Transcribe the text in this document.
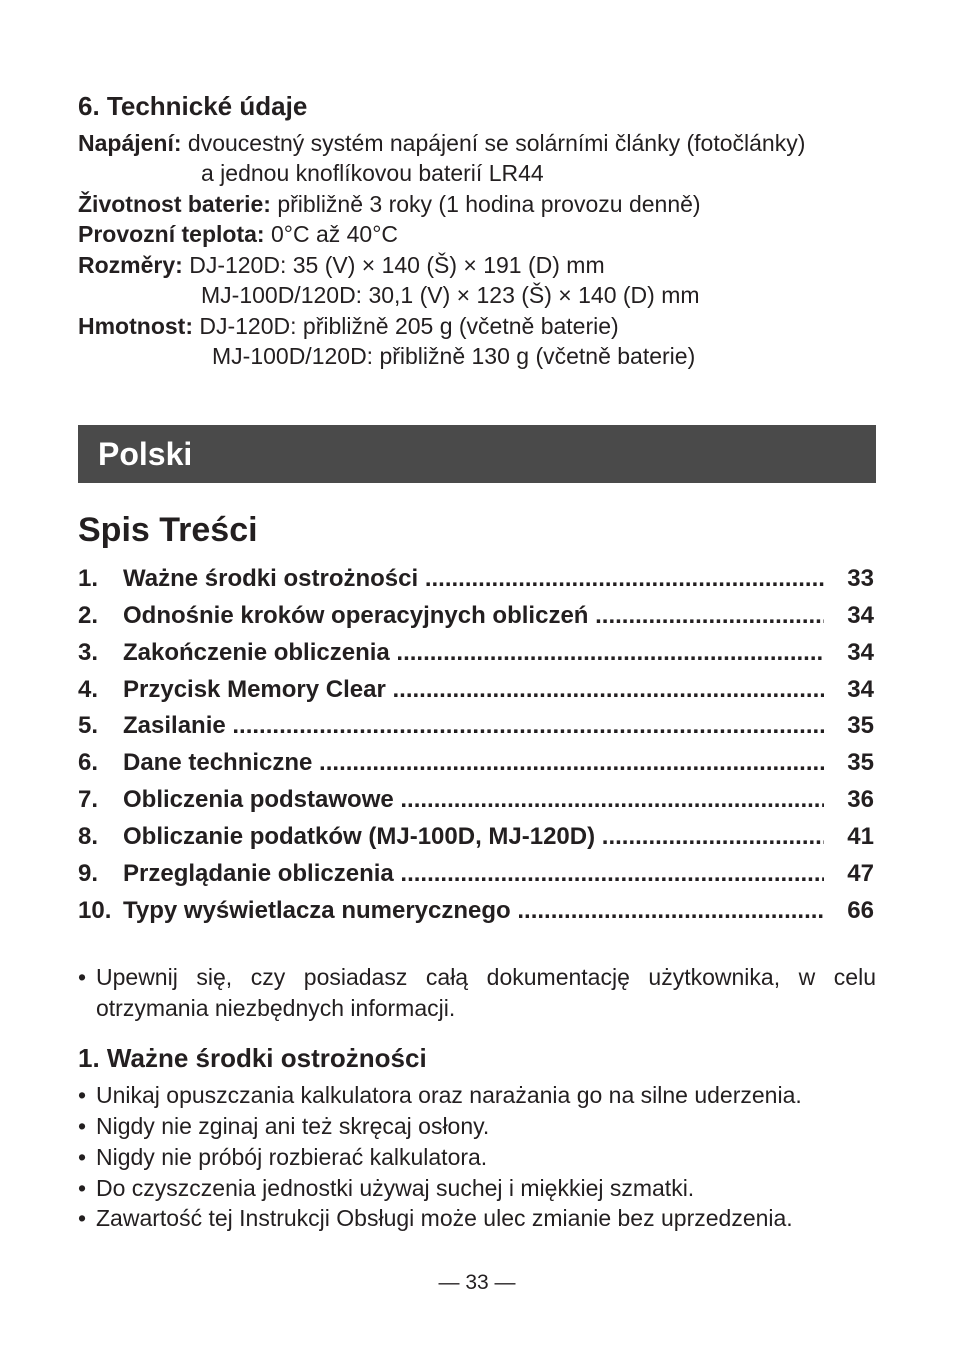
6. Technické údaje
Napájení: dvoucestný systém napájení se solárními články (fotočlánky)
a jednou knoflíkovou baterií LR44
Životnost baterie: přibližně 3 roky (1 hodina provozu denně)
Provozní teplota: 0°C až 40°C
Rozměry: DJ-120D: 35 (V) × 140 (Š) × 191 (D) mm
MJ-100D/120D: 30,1 (V) × 123 (Š) × 140 (D) mm
Hmotnost: DJ-120D: přibližně 205 g (včetně baterie)
MJ-100D/120D: přibližně 130 g (včetně baterie)
Polski
Spis Treści
1. Ważne środki ostrożności .....	33
2. Odnośnie kroków operacyjnych obliczeń .....	34
3. Zakończenie obliczenia .....	34
4. Przycisk Memory Clear .....	34
5. Zasilanie .....	35
6. Dane techniczne .....	35
7. Obliczenia podstawowe .....	36
8. Obliczanie podatków (MJ-100D, MJ-120D) .....	41
9. Przeglądanie obliczenia .....	47
10. Typy wyświetlacza numerycznego .....	66
• Upewnij się, czy posiadasz całą dokumentację użytkownika, w celu otrzymania niezbędnych informacji.
1. Ważne środki ostrożności
• Unikaj opuszczania kalkulatora oraz narażania go na silne uderzenia.
• Nigdy nie zginaj ani też skręcaj osłony.
• Nigdy nie próbój rozbierać kalkulatora.
• Do czyszczenia jednostki używaj suchej i miękkiej szmatki.
• Zawartość tej Instrukcji Obsługi może ulec zmianie bez uprzedzenia.
— 33 —
